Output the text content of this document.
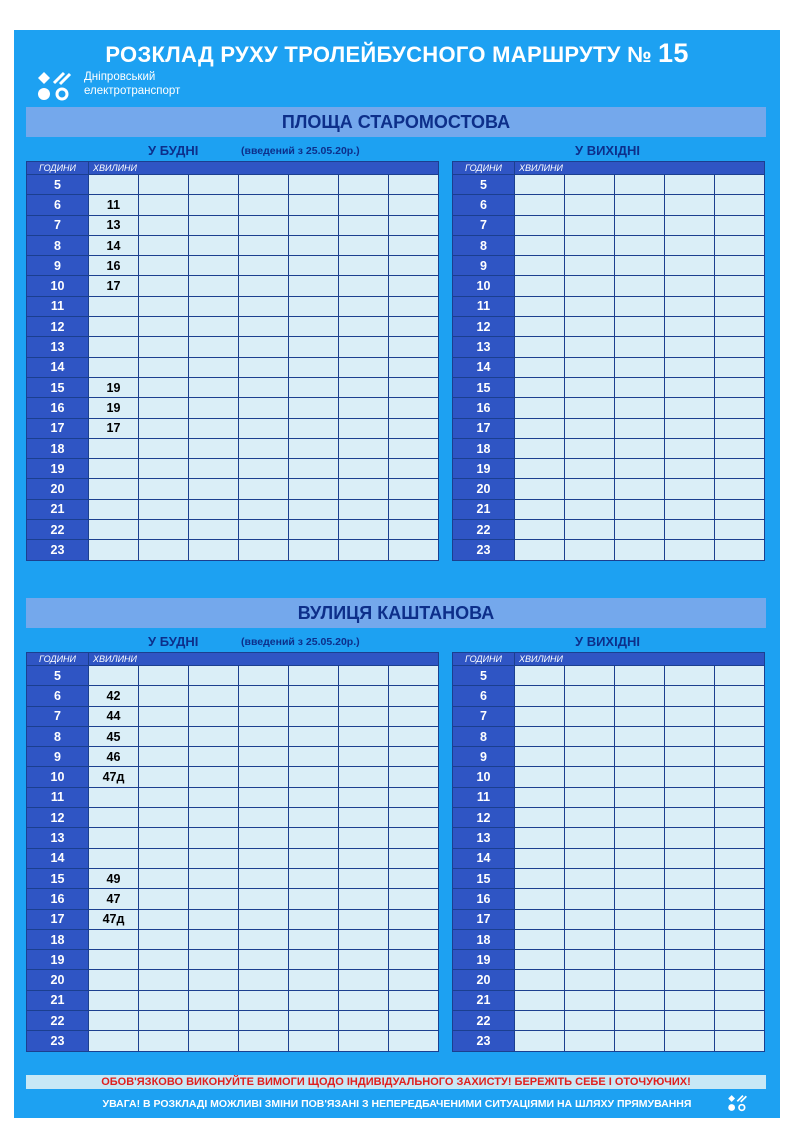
РОЗКЛАД РУХУ ТРОЛЕЙБУСНОГО МАРШРУТУ № 15
Дніпровський
електротранспорт
ПЛОЩА СТАРОМОСТОВА
У БУДНІ	(введений з 25.05.20р.)	У ВИХІДНІ
ГОДИНИ	ХВИЛИНИ						
5							
6	11						
7	13						
8	14						
9	16						
10	17						
11							
12							
13							
14							
15	19						
16	19						
17	17						
18							
19							
20							
21							
22							
23							
ГОДИНИ	ХВИЛИНИ				
5					
6					
7					
8					
9					
10					
11					
12					
13					
14					
15					
16					
17					
18					
19					
20					
21					
22					
23					
ВУЛИЦЯ КАШТАНОВА
У БУДНІ	(введений з 25.05.20р.)	У ВИХІДНІ
ГОДИНИ	ХВИЛИНИ						
5							
6	42						
7	44						
8	45						
9	46						
10	47д						
11							
12							
13							
14							
15	49						
16	47						
17	47д						
18							
19							
20							
21							
22							
23							
ГОДИНИ	ХВИЛИНИ				
5					
6					
7					
8					
9					
10					
11					
12					
13					
14					
15					
16					
17					
18					
19					
20					
21					
22					
23					
ОБОВ'ЯЗКОВО ВИКОНУЙТЕ ВИМОГИ ЩОДО ІНДИВІДУАЛЬНОГО ЗАХИСТУ! БЕРЕЖІТЬ СЕБЕ І ОТОЧУЮЧИХ!
УВАГА! В РОЗКЛАДІ МОЖЛИВІ ЗМІНИ ПОВ'ЯЗАНІ З НЕПЕРЕДБАЧЕНИМИ СИТУАЦІЯМИ НА ШЛЯХУ ПРЯМУВАННЯ
